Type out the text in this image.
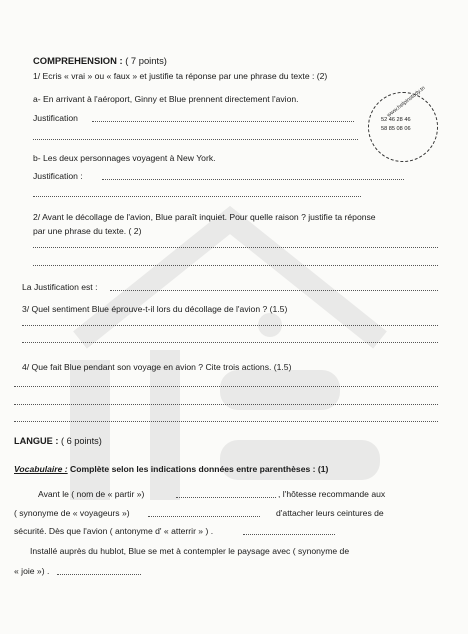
COMPREHENSION : ( 7 points)
1/ Ecris « vrai » ou « faux » et justifie ta réponse par une phrase du texte : (2)
a- En arrivant à l'aéroport, Ginny et Blue prennent directement l'avion.
Justification	www.helpinstudy.tn
52 46 28 46
58 85 08 06
b- Les deux personnages voyagent à New York.
Justification :
2/ Avant le décollage de l'avion, Blue paraît inquiet. Pour quelle raison ? justifie ta réponse
par une phrase du texte. ( 2)
La Justification est :
3/ Quel sentiment Blue éprouve-t-il lors du décollage de l'avion ? (1.5)
4/ Que fait Blue pendant son voyage en avion ? Cite trois actions. (1.5)
LANGUE : ( 6 points)
Vocabulaire : Complète selon les indications données entre parenthèses : (1)
Avant le ( nom de « partir »)	, l'hôtesse recommande aux
( synonyme de « voyageurs »)	d'attacher leurs ceintures de
sécurité. Dès que l'avion ( antonyme d' « atterrir » ) .
Installé auprès du hublot, Blue se met à contempler le paysage avec ( synonyme de
« joie ») .
